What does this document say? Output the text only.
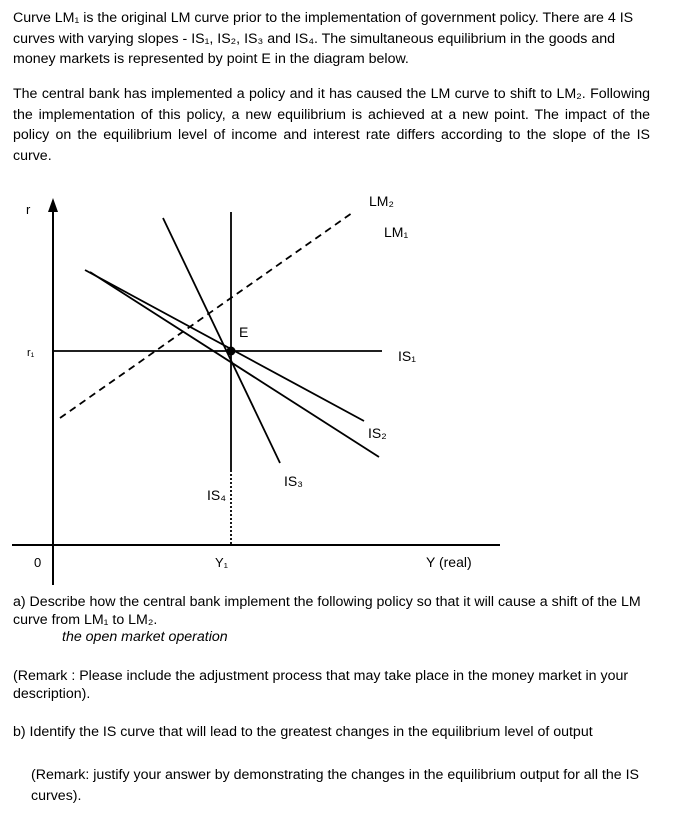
Curve LM₁ is the original LM curve prior to the implementation of government policy. There are 4 IS curves with varying slopes - IS₁, IS₂, IS₃ and IS₄. The simultaneous equilibrium in the goods and money markets is represented by point E in the diagram below.

The central bank has implemented a policy and it has caused the LM curve to shift to LM₂. Following the implementation of this policy, a new equilibrium is achieved at a new point. The impact of the policy on the equilibrium level of income and interest rate differs according to the slope of the IS curve.

r
r₁
0	Y₁	Y (real)
E
LM₂
LM₁
IS₁
IS₂
IS₃
IS₄

a) Describe how the central bank implement the following policy so that it will cause a shift of the LM curve from LM₁ to LM₂.

the open market operation

(Remark : Please include the adjustment process that may take place in the money market in your description).

b) Identify the IS curve that will lead to the greatest changes in the equilibrium level of output

(Remark: justify your answer by demonstrating the changes in the equilibrium output for all the IS curves).
